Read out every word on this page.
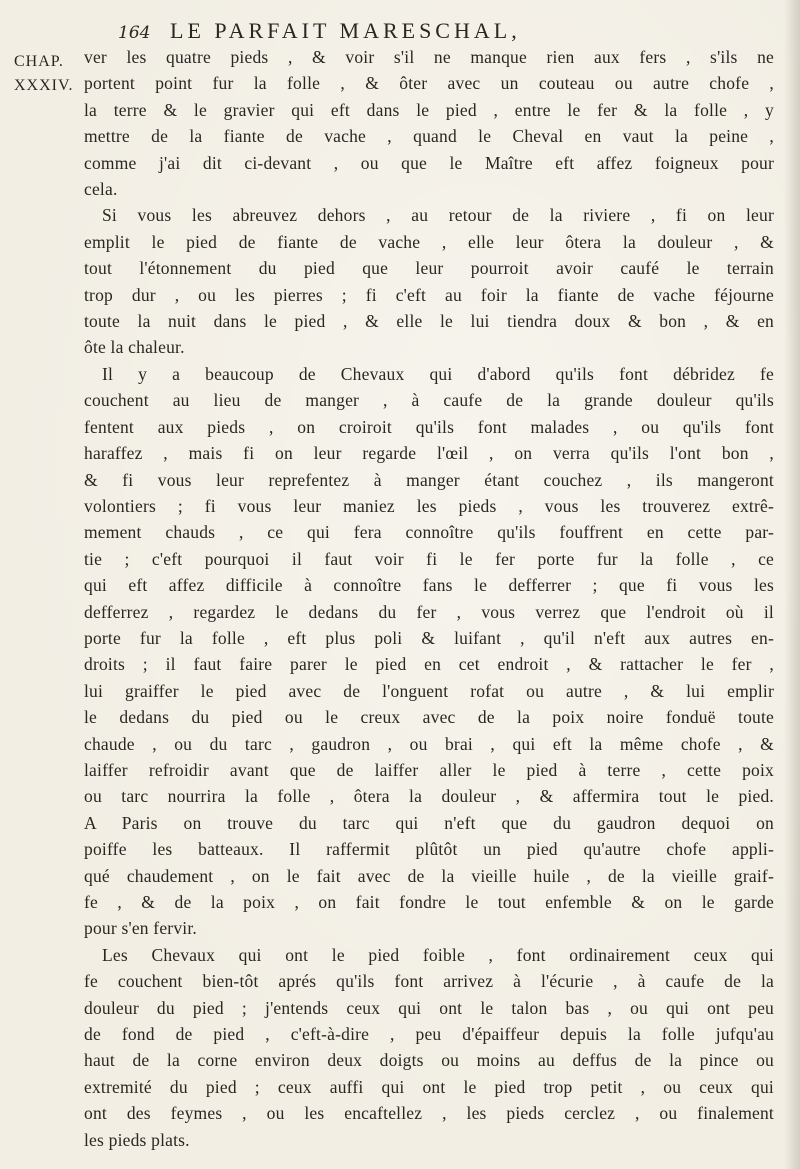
164 LE PARFAIT MARESCHAL,
CHAP.
XXXIV.
ver les quatre pieds , & voir s'il ne manque rien aux fers , s'ils ne
portent point fur la folle , & ôter avec un couteau ou autre chofe ,
la terre & le gravier qui eft dans le pied , entre le fer & la folle , y
mettre de la fiante de vache , quand le Cheval en vaut la peine ,
comme j'ai dit ci-devant , ou que le Maître eft affez foigneux pour
cela.
Si vous les abreuvez dehors , au retour de la riviere , fi on leur
emplit le pied de fiante de vache , elle leur ôtera la douleur , &
tout l'étonnement du pied que leur pourroit avoir caufé le terrain
trop dur , ou les pierres ; fi c'eft au foir la fiante de vache féjourne
toute la nuit dans le pied , & elle le lui tiendra doux & bon , & en
ôte la chaleur.
Il y a beaucoup de Chevaux qui d'abord qu'ils font débridez fe
couchent au lieu de manger , à caufe de la grande douleur qu'ils
fentent aux pieds , on croiroit qu'ils font malades , ou qu'ils font
haraffez , mais fi on leur regarde l'œil , on verra qu'ils l'ont bon ,
& fi vous leur reprefentez à manger étant couchez , ils mangeront
volontiers ; fi vous leur maniez les pieds , vous les trouverez extrê-
mement chauds , ce qui fera connoître qu'ils fouffrent en cette par-
tie ; c'eft pourquoi il faut voir fi le fer porte fur la folle , ce
qui eft affez difficile à connoître fans le defferrer ; que fi vous les
defferrez , regardez le dedans du fer , vous verrez que l'endroit où il
porte fur la folle , eft plus poli & luifant , qu'il n'eft aux autres en-
droits ; il faut faire parer le pied en cet endroit , & rattacher le fer ,
lui graiffer le pied avec de l'onguent rofat ou autre , & lui emplir
le dedans du pied ou le creux avec de la poix noire fonduë toute
chaude , ou du tarc , gaudron , ou brai , qui eft la même chofe , &
laiffer refroidir avant que de laiffer aller le pied à terre , cette poix
ou tarc nourrira la folle , ôtera la douleur , & affermira tout le pied.
A Paris on trouve du tarc qui n'eft que du gaudron dequoi on
poiffe les batteaux. Il raffermit plûtôt un pied qu'autre chofe appli-
qué chaudement , on le fait avec de la vieille huile , de la vieille graif-
fe , & de la poix , on fait fondre le tout enfemble & on le garde
pour s'en fervir.
Les Chevaux qui ont le pied foible , font ordinairement ceux qui
fe couchent bien-tôt aprés qu'ils font arrivez à l'écurie , à caufe de la
douleur du pied ; j'entends ceux qui ont le talon bas , ou qui ont peu
de fond de pied , c'eft-à-dire , peu d'épaiffeur depuis la folle jufqu'au
haut de la corne environ deux doigts ou moins au deffus de la pince ou
extremité du pied ; ceux auffi qui ont le pied trop petit , ou ceux qui
ont des feymes , ou les encaftellez , les pieds cerclez , ou finalement
les pieds plats.
